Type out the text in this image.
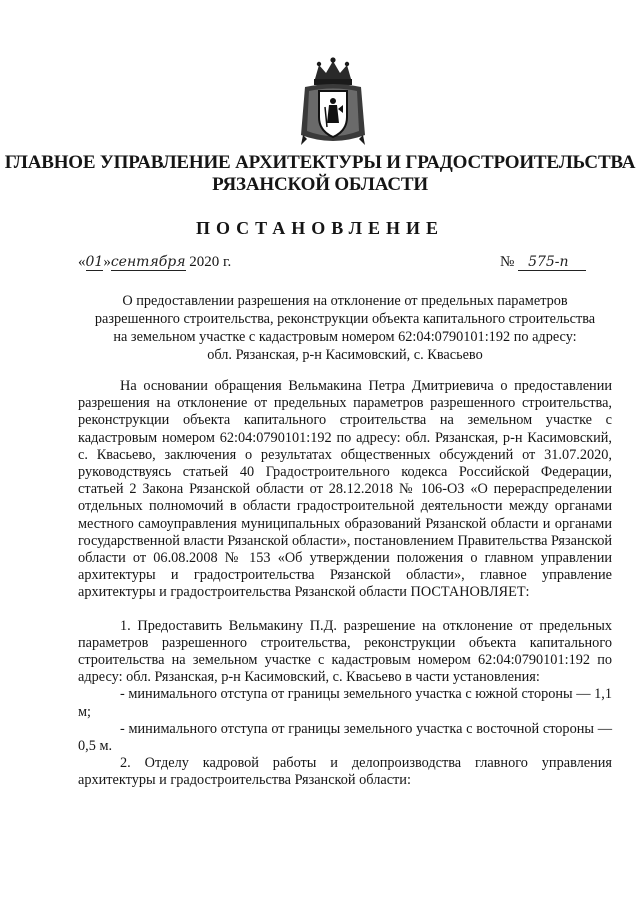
ГЛАВНОЕ УПРАВЛЕНИЕ АРХИТЕКТУРЫ И ГРАДОСТРОИТЕЛЬСТВА
РЯЗАНСКОЙ ОБЛАСТИ
ПОСТАНОВЛЕНИЕ
«01»сентября 2020 г.	№ 575-п
О предоставлении разрешения на отклонение от предельных параметров
разрешенного строительства, реконструкции объекта капитального строительства
на земельном участке с кадастровым номером 62:04:0790101:192 по адресу:
обл. Рязанская, р-н Касимовский, с. Квасьево

На основании обращения Вельмакина Петра Дмитриевича о предоставлении разрешения на отклонение от предельных параметров разрешенного строительства, реконструкции объекта капитального строительства на земельном участке с кадастровым номером 62:04:0790101:192 по адресу: обл. Рязанская, р-н Касимовский, с. Квасьево, заключения о результатах общественных обсуждений от 31.07.2020, руководствуясь статьей 40 Градостроительного кодекса Российской Федерации, статьей 2 Закона Рязанской области от 28.12.2018 № 106-ОЗ «О перераспределении отдельных полномочий в области градостроительной деятельности между органами местного самоуправления муниципальных образований Рязанской области и органами государственной власти Рязанской области», постановлением Правительства Рязанской области от 06.08.2008 № 153 «Об утверждении положения о главном управлении архитектуры и градостроительства Рязанской области», главное управление архитектуры и градостроительства Рязанской области ПОСТАНОВЛЯЕТ:

1. Предоставить Вельмакину П.Д. разрешение на отклонение от предельных параметров разрешенного строительства, реконструкции объекта капитального строительства на земельном участке с кадастровым номером 62:04:0790101:192 по адресу: обл. Рязанская, р-н Касимовский, с. Квасьево в части установления:

- минимального отступа от границы земельного участка с южной стороны — 1,1 м;

- минимального отступа от границы земельного участка с восточной стороны — 0,5 м.

2. Отделу кадровой работы и делопроизводства главного управления архитектуры и градостроительства Рязанской области:
